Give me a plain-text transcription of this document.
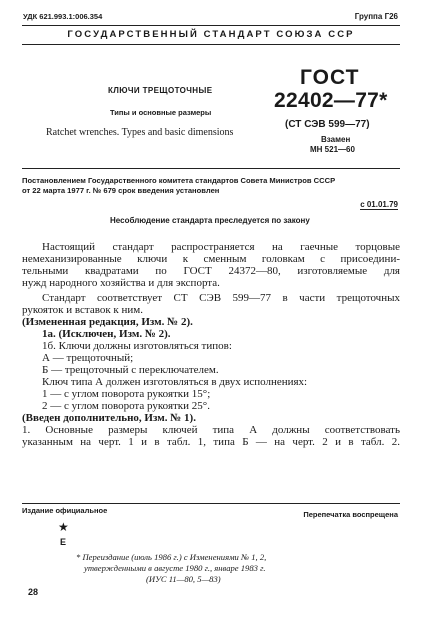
УДК 621.993.1:006.354	Группа Г26
ГОСУДАРСТВЕННЫЙ СТАНДАРТ СОЮЗА ССР
КЛЮЧИ ТРЕЩОТОЧНЫЕ
Типы и основные размеры
Ratchet wrenches. Types and basic dimensions
ГОСТ
22402—77*
(СТ СЭВ 599—77)
Взамен
МН 521—60
Постановлением Государственного комитета стандартов Совета Министров СССР
от 22 марта 1977 г. № 679 срок введения установлен
с 01.01.79
Несоблюдение стандарта преследуется по закону
Настоящий стандарт распространяется на гаечные торцовые
немеханизированные ключи к сменным головкам с присоедини-
тельными квадратами по ГОСТ 24372—80, изготовляемые для
нужд народного хозяйства и для экспорта.
Стандарт соответствует СТ СЭВ 599—77 в части трещоточных
рукояток и вставок к ним.
(Измененная редакция, Изм. № 2).
1а. (Исключен, Изм. № 2).
1б. Ключи должны изготовляться типов:
А — трещоточный;
Б — трещоточный с переключателем.
Ключ типа А должен изготовляться в двух исполнениях:
1 — с углом поворота рукоятки 15°;
2 — с углом поворота рукоятки 25°.
(Введен дополнительно, Изм. № 1).
1. Основные размеры ключей типа А должны соответствовать
указанным на черт. 1 и в табл. 1, типа Б — на черт. 2 и в табл. 2.
Издание официальное	Перепечатка воспрещена
★
Е
* Переиздание (июль 1986 г.) с Изменениями № 1, 2,
утвержденными в августе 1980 г., январе 1983 г.
(ИУС 11—80, 5—83)
28
